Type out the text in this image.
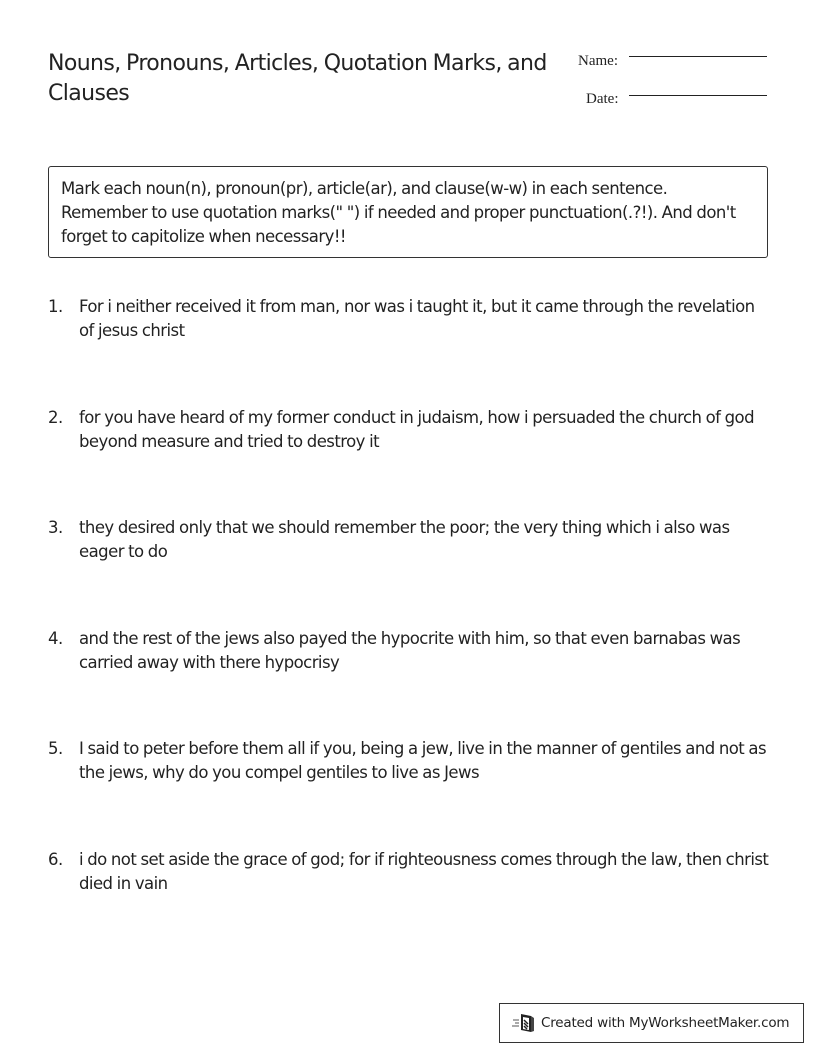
Nouns, Pronouns, Articles, Quotation Marks, and Clauses
Name:
Date:
Mark each noun(n), pronoun(pr), article(ar), and clause(w-w) in each sentence. Remember to use quotation marks(" ") if needed and proper punctuation(.?!). And don't forget to capitolize when necessary!!
1. For i neither received it from man, nor was i taught it, but it came through the revelation of jesus christ
2. for you have heard of my former conduct in judaism, how i persuaded the church of god beyond measure and tried to destroy it
3. they desired only that we should remember the poor; the very thing which i also was eager to do
4. and the rest of the jews also payed the hypocrite with him, so that even barnabas was carried away with there hypocrisy
5. I said to peter before them all if you, being a jew, live in the manner of gentiles and not as the jews, why do you compel gentiles to live as Jews
6. i do not set aside the grace of god; for if righteousness comes through the law, then christ died in vain
Created with MyWorksheetMaker.com
